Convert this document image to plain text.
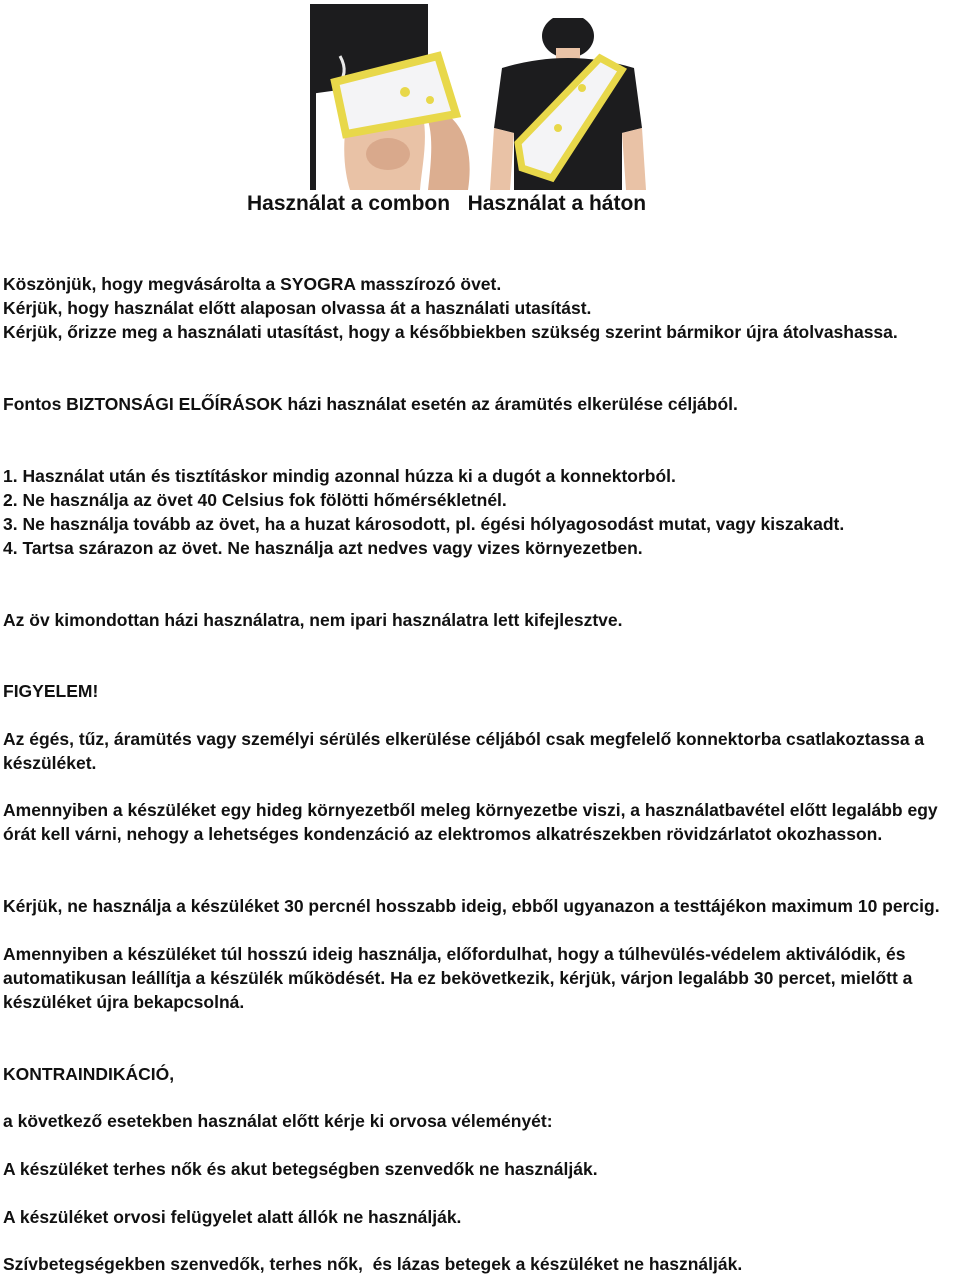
Használat a combon Használat a háton

Köszönjük, hogy megvásárolta a SYOGRA masszírozó övet.
Kérjük, hogy használat előtt alaposan olvassa át a használati utasítást.
Kérjük, őrizze meg a használati utasítást, hogy a későbbiekben szükség szerint bármikor újra átolvashassa.

Fontos BIZTONSÁGI ELŐÍRÁSOK házi használat esetén az áramütés elkerülése céljából.

1. Használat után és tisztításkor mindig azonnal húzza ki a dugót a konnektorból.
2. Ne használja az övet 40 Celsius fok fölötti hőmérsékletnél.
3. Ne használja tovább az övet, ha a huzat károsodott, pl. égési hólyagosodást mutat, vagy kiszakadt.
4. Tartsa szárazon az övet. Ne használja azt nedves vagy vizes környezetben.

Az öv kimondottan házi használatra, nem ipari használatra lett kifejlesztve.

FIGYELEM!

Az égés, tűz, áramütés vagy személyi sérülés elkerülése céljából csak megfelelő konnektorba csatlakoztassa a készüléket.

Amennyiben a készüléket egy hideg környezetből meleg környezetbe viszi, a használatbavétel előtt legalább egy órát kell várni, nehogy a lehetséges kondenzáció az elektromos alkatrészekben rövidzárlatot okozhasson.

Kérjük, ne használja a készüléket 30 percnél hosszabb ideig, ebből ugyanazon a testtájékon maximum 10 percig.

Amennyiben a készüléket túl hosszú ideig használja, előfordulhat, hogy a túlhevülés-védelem aktiválódik, és automatikusan leállítja a készülék működését. Ha ez bekövetkezik, kérjük, várjon legalább 30 percet, mielőtt a készüléket újra bekapcsolná.

KONTRAINDIKÁCIÓ,

a következő esetekben használat előtt kérje ki orvosa véleményét:

A készüléket terhes nők és akut betegségben szenvedők ne használják.

A készüléket orvosi felügyelet alatt állók ne használják.

Szívbetegségekben szenvedők, terhes nők,  és lázas betegek a készüléket ne használják.
